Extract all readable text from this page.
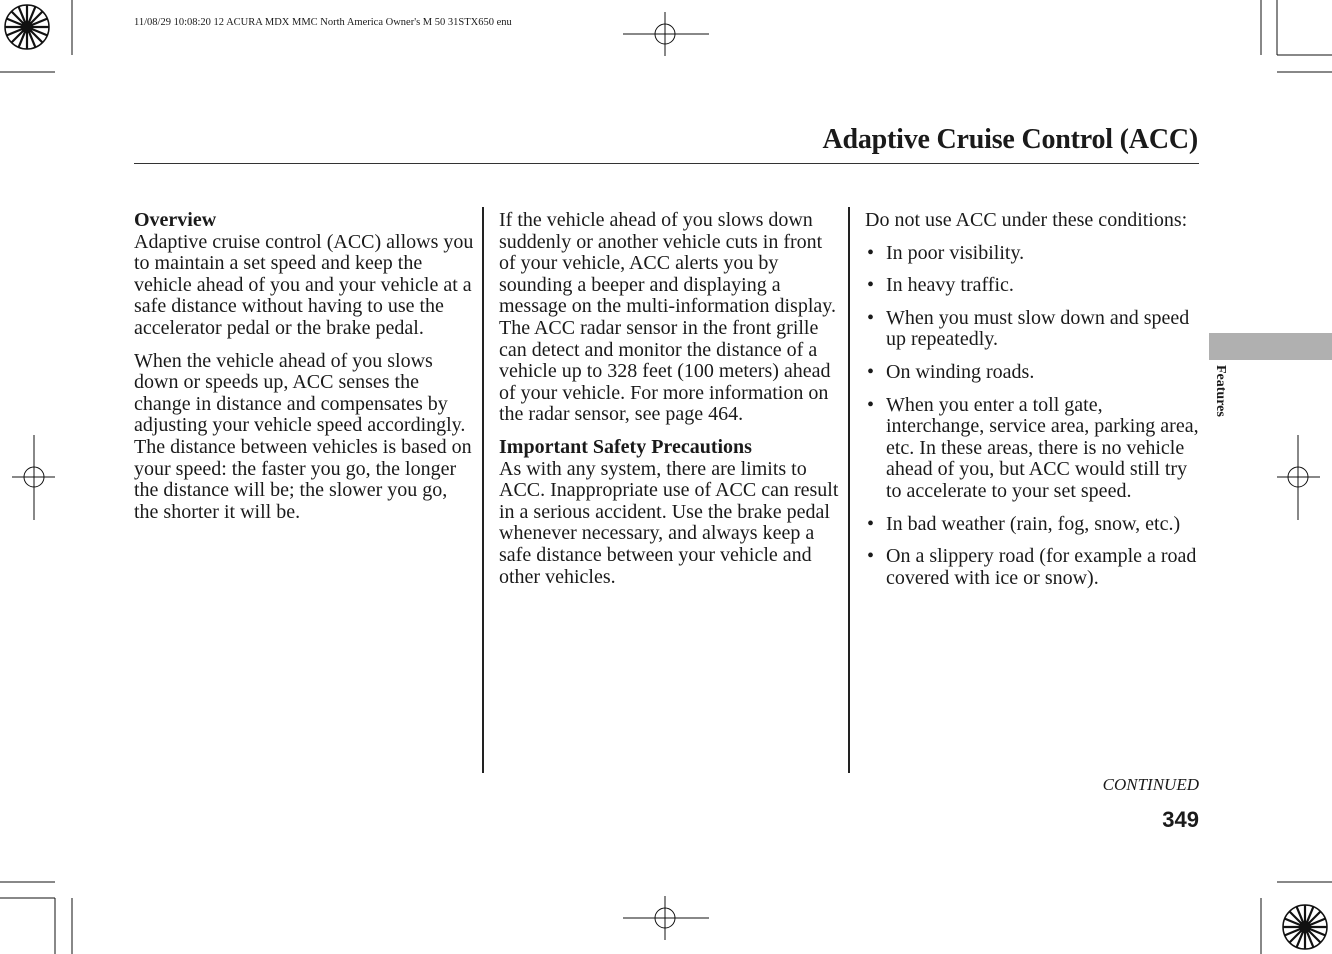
11/08/29 10:08:20 12 ACURA MDX MMC North America Owner's M 50 31STX650 enu
Adaptive Cruise Control (ACC)
Features
Overview

Adaptive cruise control (ACC) allows you to maintain a set speed and keep the vehicle ahead of you and your vehicle at a safe distance without having to use the accelerator pedal or the brake pedal.

When the vehicle ahead of you slows down or speeds up, ACC senses the change in distance and compensates by adjusting your vehicle speed accordingly. The distance between vehicles is based on your speed: the faster you go, the longer the distance will be; the slower you go, the shorter it will be.

If the vehicle ahead of you slows down suddenly or another vehicle cuts in front of your vehicle, ACC alerts you by sounding a beeper and displaying a message on the multi-information display.

The ACC radar sensor in the front grille can detect and monitor the distance of a vehicle up to 328 feet (100 meters) ahead of your vehicle. For more information on the radar sensor, see page 464.

Important Safety Precautions

As with any system, there are limits to ACC. Inappropriate use of ACC can result in a serious accident. Use the brake pedal whenever necessary, and always keep a safe distance between your vehicle and other vehicles.

Do not use ACC under these conditions:

• In poor visibility.
• In heavy traffic.
• When you must slow down and speed up repeatedly.
• On winding roads.
• When you enter a toll gate, interchange, service area, parking area, etc. In these areas, there is no vehicle ahead of you, but ACC would still try to accelerate to your set speed.
• In bad weather (rain, fog, snow, etc.)
• On a slippery road (for example a road covered with ice or snow).
CONTINUED
349
